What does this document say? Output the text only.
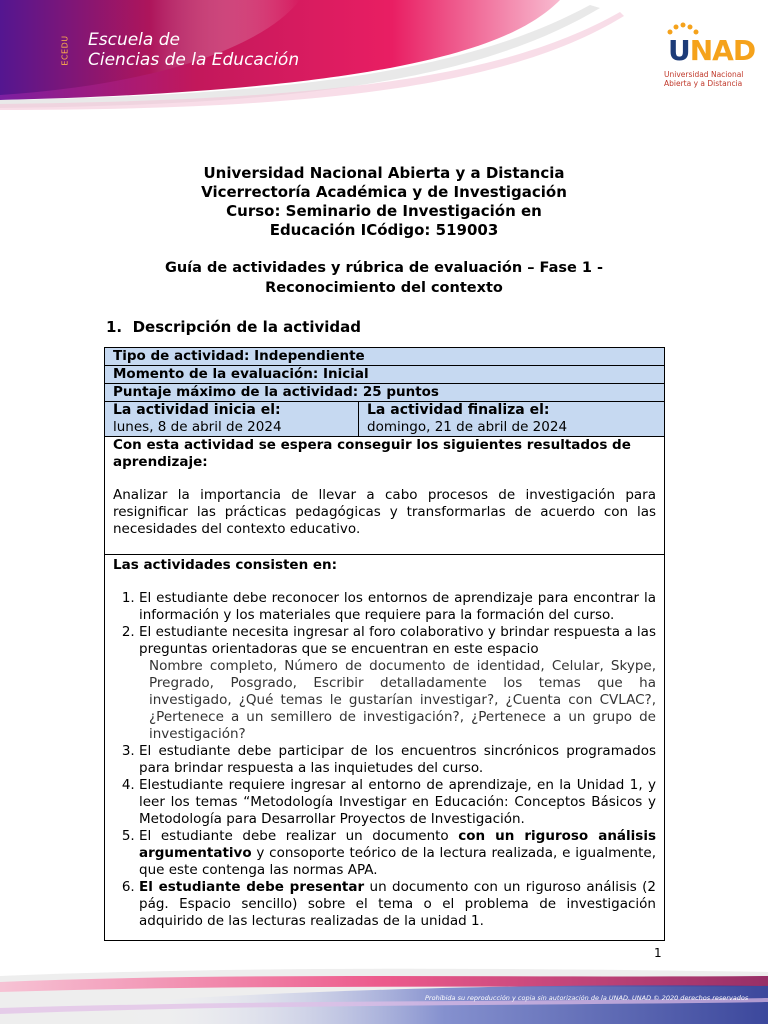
ECEDU Escuela de
Ciencias de la Educación	UNAD
Universidad Nacional
Abierta y a Distancia
Universidad Nacional Abierta y a Distancia
Vicerrectoría Académica y de Investigación
Curso: Seminario de Investigación en
Educación ICódigo: 519003
Guía de actividades y rúbrica de evaluación – Fase 1 -
Reconocimiento del contexto
1. Descripción de la actividad
Tipo de actividad: Independiente
Momento de la evaluación: Inicial
Puntaje máximo de la actividad: 25 puntos

La actividad inicia el:
lunes, 8 de abril de 2024

La actividad finaliza el:
domingo, 21 de abril de 2024

Con esta actividad se espera conseguir los siguientes resultados de aprendizaje:
Analizar la importancia de llevar a cabo procesos de investigación para resignificar las prácticas pedagógicas y transformarlas de acuerdo con las necesidades del contexto educativo.

Las actividades consisten en:
1. El estudiante debe reconocer los entornos de aprendizaje para encontrar la información y los materiales que requiere para la formación del curso.
2. El estudiante necesita ingresar al foro colaborativo y brindar respuesta a las preguntas orientadoras que se encuentran en este espacio
Nombre completo, Número de documento de identidad, Celular, Skype, Pregrado, Posgrado, Escribir detalladamente los temas que ha investigado, ¿Qué temas le gustarían investigar?, ¿Cuenta con CVLAC?, ¿Pertenece a un semillero de investigación?, ¿Pertenece a un grupo de investigación?
3. El estudiante debe participar de los encuentros sincrónicos programados para brindar respuesta a las inquietudes del curso.
4. Elestudiante requiere ingresar al entorno de aprendizaje, en la Unidad 1, y leer los temas “Metodología Investigar en Educación: Conceptos Básicos y Metodología para Desarrollar Proyectos de Investigación.
5. El estudiante debe realizar un documento con un riguroso análisis argumentativo y consoporte teórico de la lectura realizada, e igualmente, que este contenga las normas APA.
6. El estudiante debe presentar un documento con un riguroso análisis (2 pág. Espacio sencillo) sobre el tema o el problema de investigación adquirido de las lecturas realizadas de la unidad 1.
1
Prohibida su reproducción y copia sin autorización de la UNAD. UNAD © 2020 derechos reservados
